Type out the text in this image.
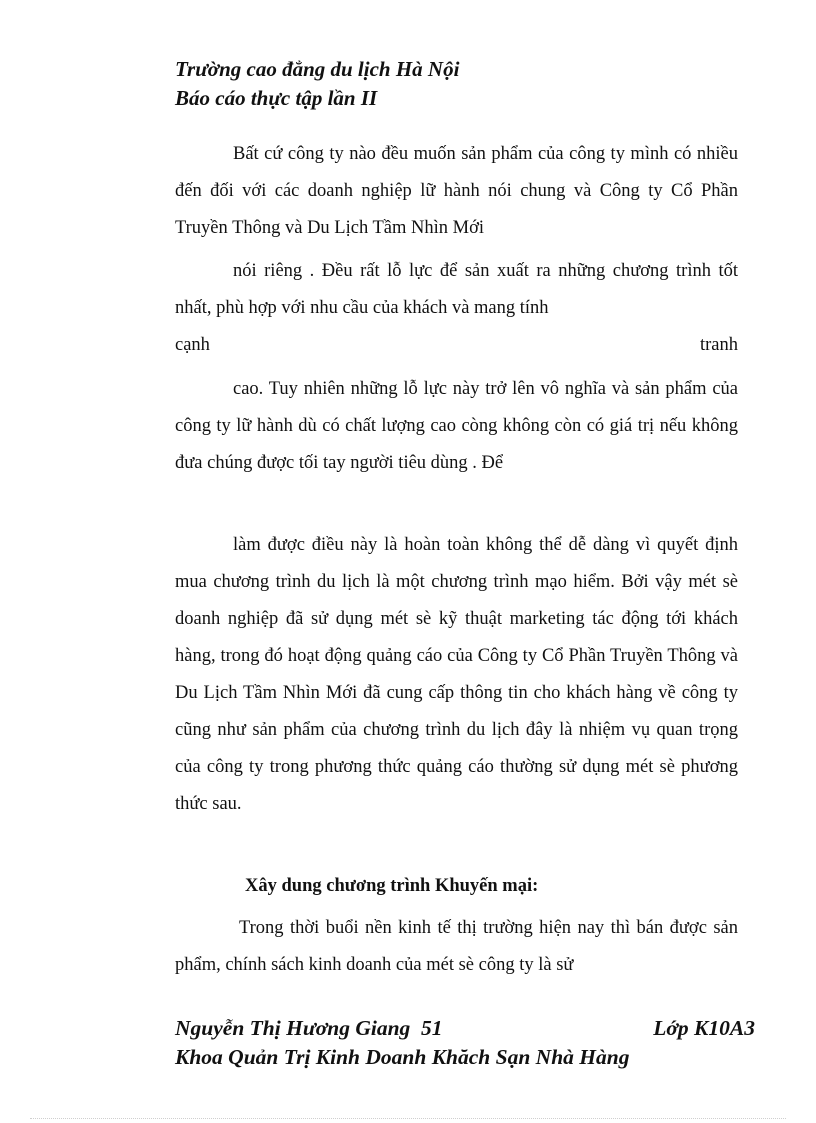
Trường cao đẳng du lịch Hà Nội
Báo cáo thực tập lần II
Bất cứ công ty nào đều muốn sản phẩm của công ty mình có nhiều đến đối với các doanh nghiệp lữ hành nói chung và Công ty Cổ Phần Truyền Thông và Du Lịch Tầm Nhìn Mới
nói riêng . Đều rất lỗ lực để sản xuất ra những chương trình tốt nhất, phù hợp với nhu cầu của khách và mang tính
cạnh	tranh
cao. Tuy nhiên những lỗ lực này trở lên vô nghĩa và sản phẩm của công ty lữ hành dù có chất lượng cao còng không còn có giá trị nếu không đưa chúng được tối tay người tiêu dùng . Để
làm được điều này là hoàn toàn không thể dễ dàng vì quyết định mua chương trình du lịch là một chương trình mạo hiểm. Bởi vậy mét sè doanh nghiệp đã sử dụng mét sè kỹ thuật marketing tác động tới khách hàng, trong đó hoạt động quảng cáo của Công ty Cổ Phần Truyền Thông và Du Lịch Tầm Nhìn Mới đã cung cấp thông tin cho khách hàng về công ty cũng như sản phẩm của chương trình du lịch đây là nhiệm vụ quan trọng của công ty trong phương thức quảng cáo thường sử dụng mét sè phương thức sau.
Xây dung chương trình Khuyến mại:
Trong thời buổi nền kinh tế thị trường hiện nay thì bán được sản phẩm, chính sách kinh doanh của mét sè công ty là sử
Nguyễn Thị Hương Giang  51	Lớp K10A3
Khoa Quản Trị Kinh Doanh Khăch Sạn Nhà Hàng
